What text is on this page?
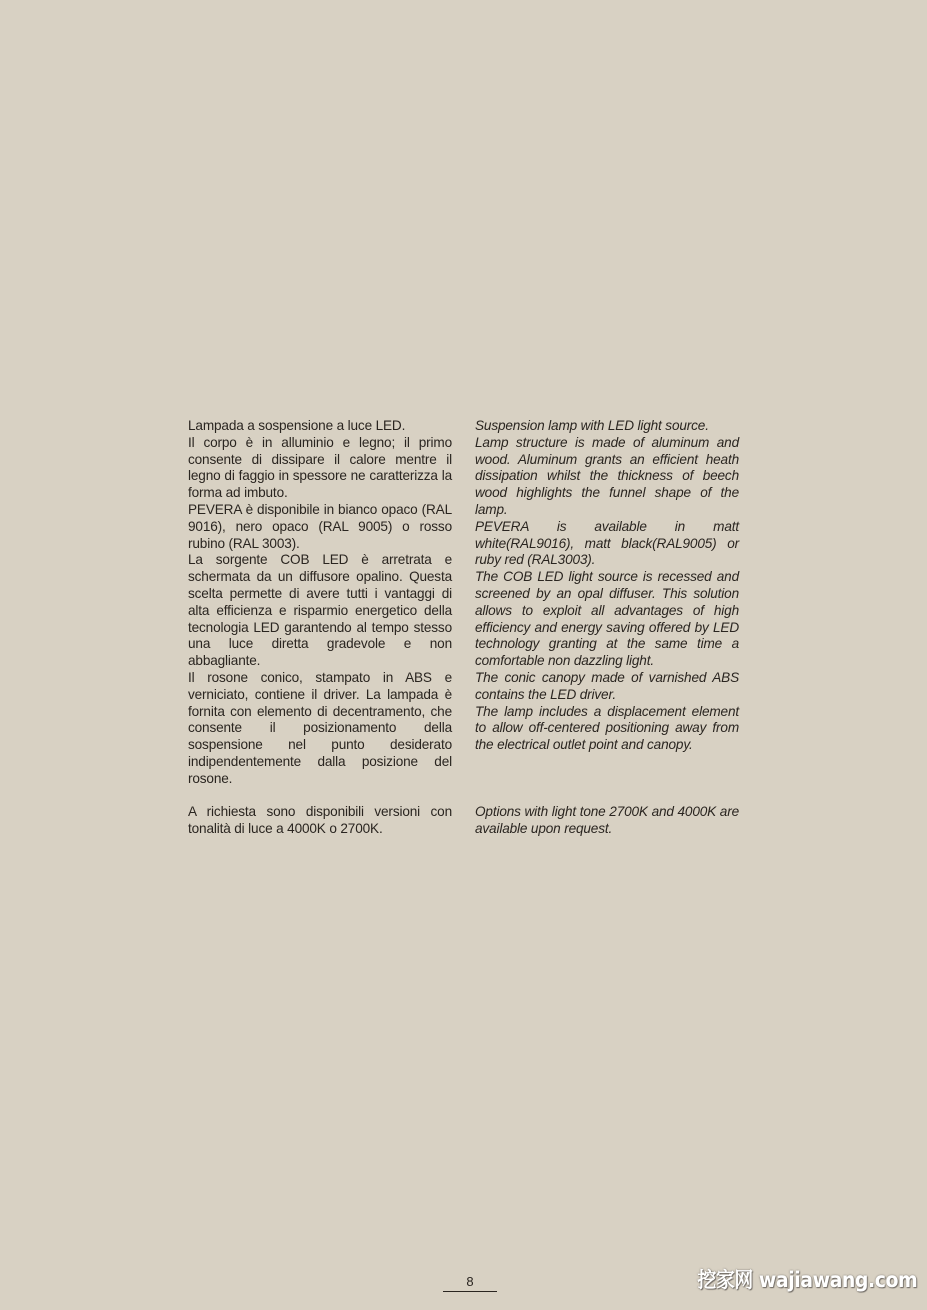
Lampada a sospensione a luce LED.

Il corpo è in alluminio e legno; il primo consente di dissipare il calore mentre il legno di faggio in spessore ne caratterizza la forma ad imbuto.

PEVERA è disponibile in bianco opaco (RAL 9016), nero opaco (RAL 9005) o rosso rubino (RAL 3003).

La sorgente COB LED è arretrata e schermata da un diffusore opalino. Questa scelta permette di avere tutti i vantaggi di alta efficienza e risparmio energetico della tecnologia LED garantendo al tempo stesso una luce diretta gradevole e non abbagliante.

Il rosone conico, stampato in ABS e verniciato, contiene il driver. La lampada è fornita con elemento di decentramento, che consente il posizionamento della sospensione nel punto desiderato indipendentemente dalla posizione del rosone.

A richiesta sono disponibili versioni con tonalità di luce a 4000K o 2700K.

Suspension lamp with LED light source.

Lamp structure is made of aluminum and wood. Aluminum grants an efficient heath dissipation whilst the thickness of beech wood highlights the funnel shape of the lamp.

PEVERA is available in matt white(RAL9016), matt black(RAL9005) or ruby red (RAL3003).

The COB LED light source is recessed and screened by an opal diffuser. This solution allows to exploit all advantages of high efficiency and energy saving offered by LED technology granting at the same time a comfortable non dazzling light.

The conic canopy made of varnished ABS contains the LED driver.

The lamp includes a displacement element to allow off-centered positioning away from the electrical outlet point and canopy.

Options with light tone 2700K and 4000K are available upon request.

8	挖家网 wajiawang.com
